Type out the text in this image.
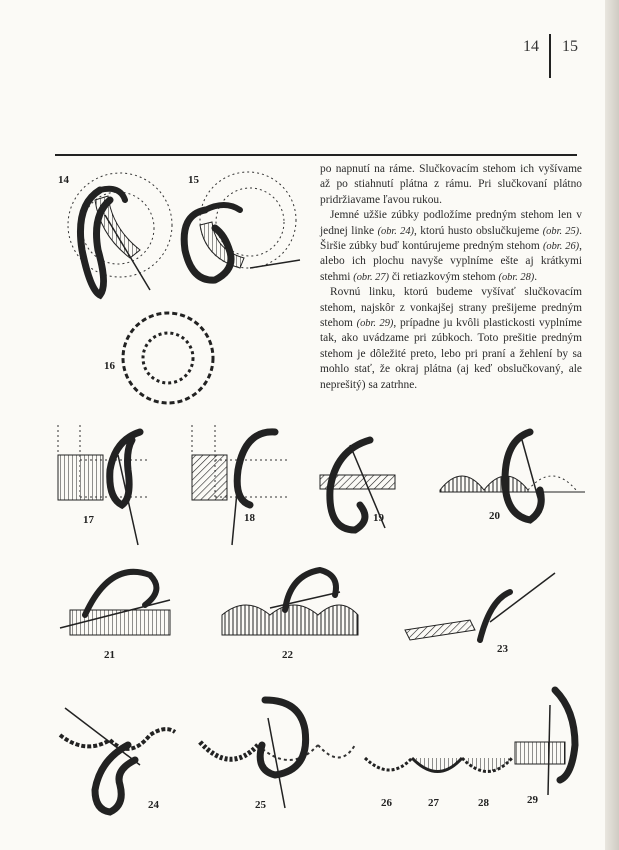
14 15

po napnutí na ráme. Slučkovacím stehom ich vyšívame až po stiahnutí plátna z rámu. Pri slučkovaní plátno pridržiavame ľavou rukou.

Jemné užšie zúbky podložíme predným stehom len v jednej linke (obr. 24), ktorú husto obslučkujeme (obr. 25). Širšie zúbky buď kontúrujeme predným stehom (obr. 26), alebo ich plochu navyše vyplníme ešte aj krátkymi stehmi (obr. 27) či retiazkovým stehom (obr. 28).

Rovnú linku, ktorú budeme vyšívať slučkovacím stehom, najskôr z vonkajšej strany prešijeme predným stehom (obr. 29), prípadne ju kvôli plastickosti vyplníme tak, ako uvádzame pri zúbkoch. Toto prešitie predným stehom je dôležité preto, lebo pri praní a žehlení by sa mohlo stať, že okraj plátna (aj keď obslučkovaný, ale neprešitý) sa zatrhne.

14	15
16
17	18	19	20
21	22	23
24	25	26	27	28	29
